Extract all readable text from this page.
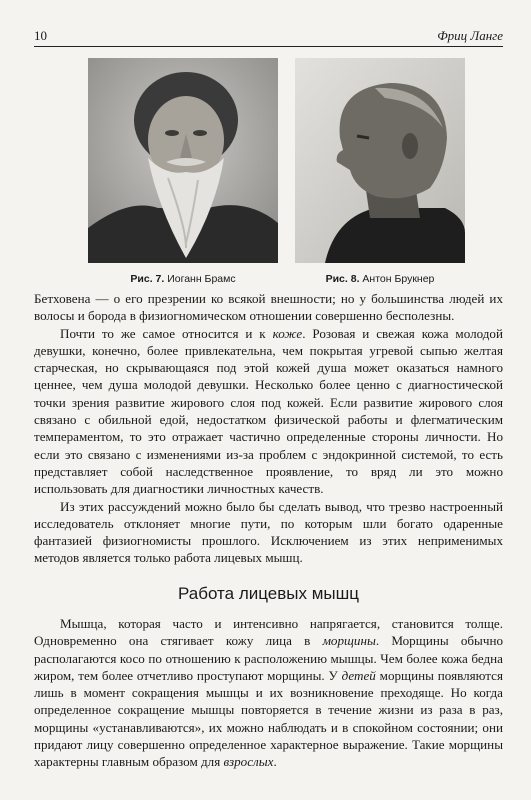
10	Фриц Ланге
Рис. 7. Иоганн Брамс	Рис. 8. Антон Брукнер

Бетховена — о его презрении ко всякой внешности; но у большинства людей их волосы и борода в физиогномическом отношении совершенно бесполезны.

Почти то же самое относится и к коже. Розовая и свежая кожа молодой девушки, конечно, более привлекательна, чем покрытая угревой сыпью желтая старческая, но скрывающаяся под этой кожей душа может оказаться намного ценнее, чем душа молодой девушки. Несколько более ценно с диагностической точки зрения развитие жирового слоя под кожей. Если развитие жирового слоя связано с обильной едой, недостатком физической работы и флегматическим темпераментом, то это отражает частично определенные стороны личности. Но если это связано с изменениями из-за проблем с эндокринной системой, то есть представляет собой наследственное проявление, то вряд ли это можно использовать для диагностики личностных качеств.

Из этих рассуждений можно было бы сделать вывод, что трезво настроенный исследователь отклоняет многие пути, по которым шли богато одаренные фантазией физиогномисты прошлого. Исключением из этих неприменимых методов является только работа лицевых мышц.

Работа лицевых мышц

Мышца, которая часто и интенсивно напрягается, становится толще. Одновременно она стягивает кожу лица в морщины. Морщины обычно располагаются косо по отношению к расположению мышцы. Чем более кожа бедна жиром, тем более отчетливо проступают морщины. У детей морщины появляются лишь в момент сокращения мышцы и их возникновение преходяще. Но когда определенное сокращение мышцы повторяется в течение жизни из раза в раз, морщины «устанавливаются», их можно наблюдать и в спокойном состоянии; они придают лицу совершенно определенное характерное выражение. Такие морщины характерны главным образом для взрослых.
